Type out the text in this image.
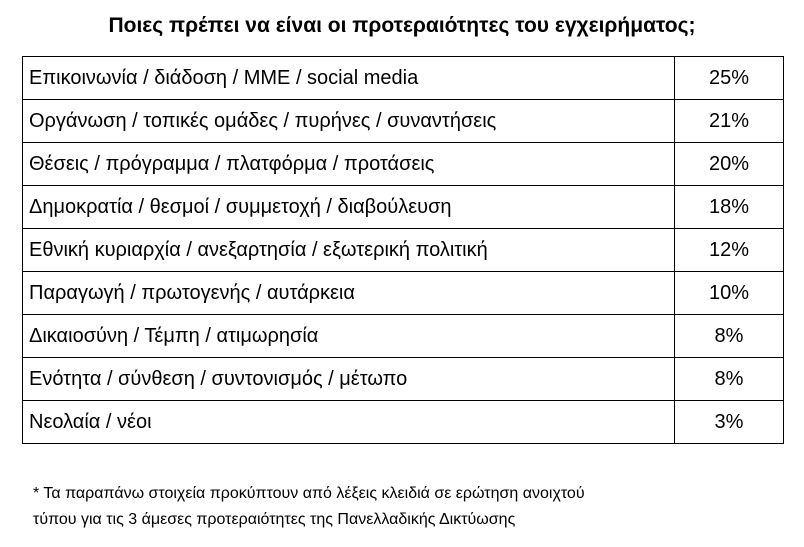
Ποιες πρέπει να είναι οι προτεραιότητες του εγχειρήματος;
Επικοινωνία / διάδοση / ΜΜΕ / social media	25%
Οργάνωση / τοπικές ομάδες / πυρήνες / συναντήσεις	21%
Θέσεις / πρόγραμμα / πλατφόρμα / προτάσεις	20%
Δημοκρατία / θεσμοί / συμμετοχή / διαβούλευση	18%
Εθνική κυριαρχία / ανεξαρτησία / εξωτερική πολιτική	12%
Παραγωγή / πρωτογενής / αυτάρκεια	10%
Δικαιοσύνη / Τέμπη / ατιμωρησία	8%
Ενότητα / σύνθεση / συντονισμός / μέτωπο	8%
Νεολαία / νέοι	3%
* Τα παραπάνω στοιχεία προκύπτουν από λέξεις κλειδιά σε ερώτηση ανοιχτού
τύπου για τις 3 άμεσες προτεραιότητες της Πανελλαδικής Δικτύωσης
